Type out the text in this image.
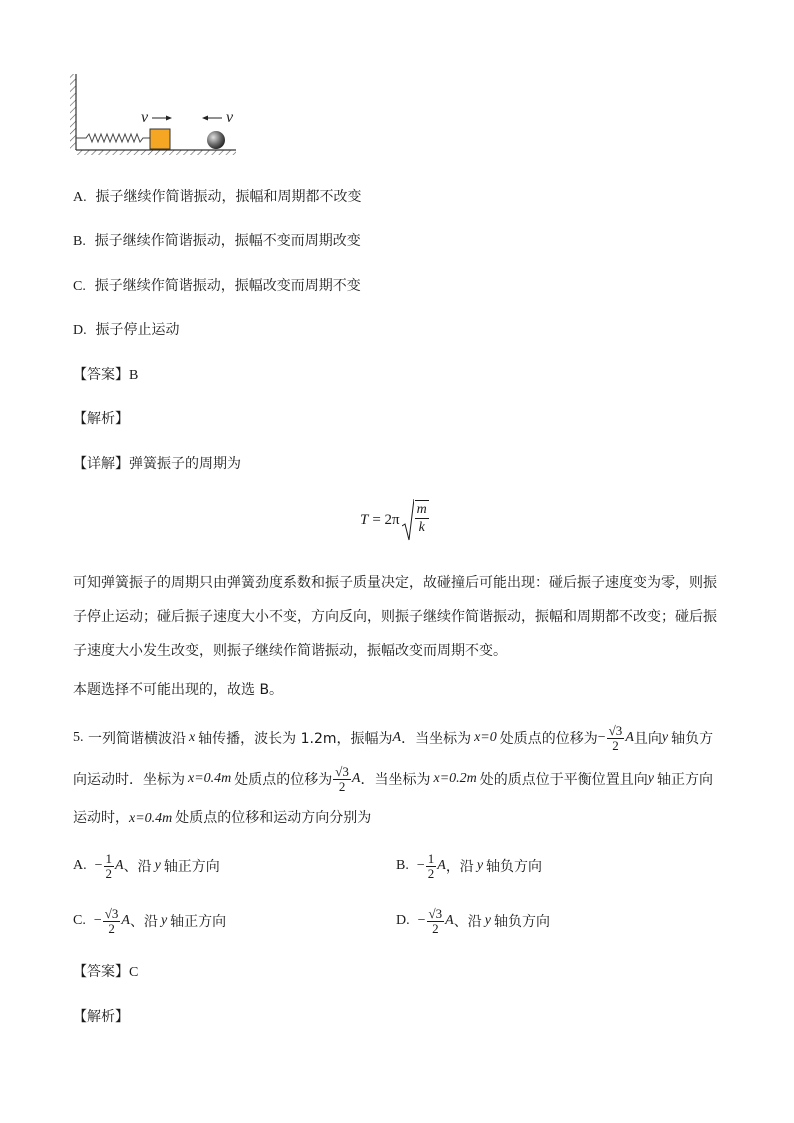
v	v
A. 振子继续作简谐振动，振幅和周期都不改变
B. 振子继续作简谐振动，振幅不变而周期改变
C. 振子继续作简谐振动，振幅改变而周期不变
D. 振子停止运动
【答案】B
【解析】
【详解】弹簧振子的周期为
$T = 2\pi \frac{m}{k}$
可知弹簧振子的周期只由弹簧劲度系数和振子质量决定，故碰撞后可能出现：碰后振子速度变为零，则振子停止运动；碰后振子速度大小不变，方向反向，则振子继续作简谐振动，振幅和周期都不改变；碰后振子速度大小发生改变，则振子继续作简谐振动，振幅改变而周期不变。
本题选择不可能出现的，故选 B。
5.
一列简谐横波沿 x 轴传播，波长为 1.2m，振幅为 A ．当坐标为 x=0 处质点的位移为 − $\frac{√3}{2}$ A 且向 y 轴负方
向运动时．坐标为 x=0.4m 处质点的位移为 $\frac{√3}{2}$ A ．当坐标为 x=0.2m 处的质点位于平衡位置且向 y 轴正方向
运动时，x=0.4m 处质点的位移和运动方向分别为
A. − $\frac{1}{2}$ A 、沿 y 轴正方向	B. − $\frac{1}{2}$ A ，沿 y 轴负方向
C. − $\frac{√3}{2}$ A 、沿 y 轴正方向	D. − $\frac{√3}{2}$ A 、沿 y 轴负方向
【答案】C
【解析】
